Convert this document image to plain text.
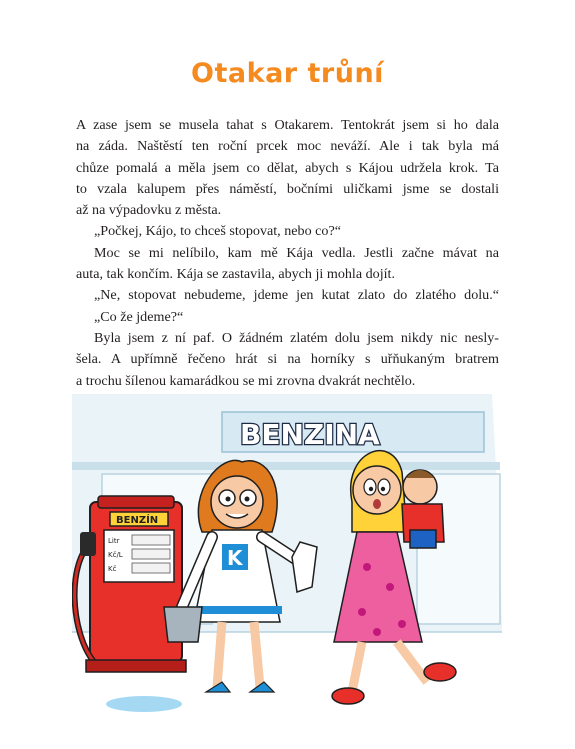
Otakar trůní
A zase jsem se musela tahat s Otakarem. Tentokrát jsem si ho dala
na záda. Naštěstí ten roční prcek moc neváží. Ale i tak byla má
chůze pomalá a měla jsem co dělat, abych s Kájou udržela krok. Ta
to vzala kalupem přes náměstí, bočními uličkami jsme se dostali
až na výpadovku z města.
„Počkej, Kájo, to chceš stopovat, nebo co?“
Moc se mi nelíbilo, kam mě Kája vedla. Jestli začne mávat na
auta, tak končím. Kája se zastavila, abych ji mohla dojít.
„Ne, stopovat nebudeme, jdeme jen kutat zlato do zlatého dolu.“
„Co že jdeme?“
Byla jsem z ní paf. O žádném zlatém dolu jsem nikdy nic nesly-
šela. A upřímně řečeno hrát si na horníky s uřňukaným bratrem
a trochu šílenou kamarádkou se mi zrovna dvakrát nechtělo.
BENZINA
BENZÍN
Litr
Kč/L
Kč	K
